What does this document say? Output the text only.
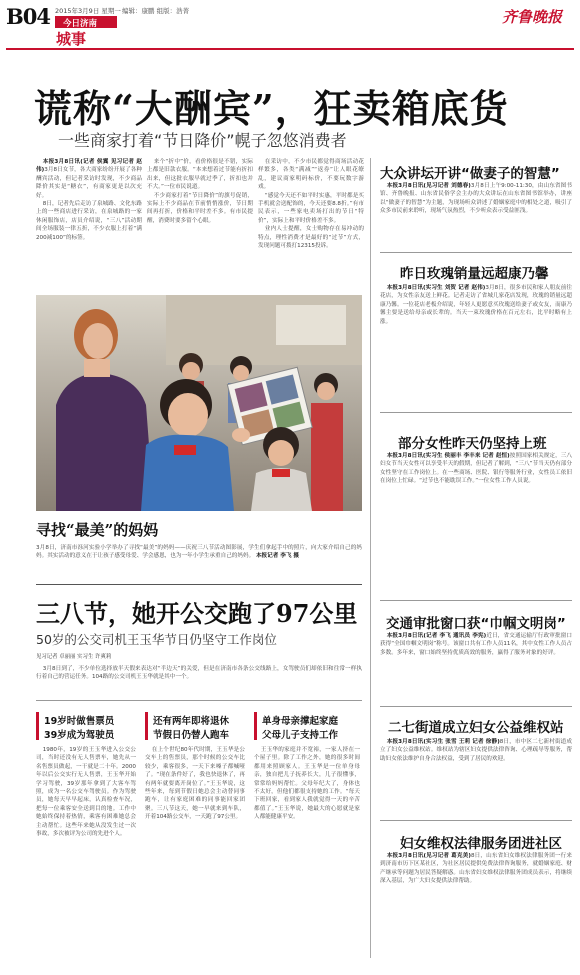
B04 2015年3月9日 星期一 编辑：康鹏 组版：浩菁
今日济南
城事
齐鲁晚报
谎称“大酬宾”，狂卖箱底货
一些商家打着“节日降价”幌子忽悠消费者

本报3月8日讯(记者 侯翼 见习记者 赵伟)3月8日女节，各大商家纷纷开展了各种酬宾活动，但记者采访时发现，不少商品降价其实是“糖衣”，有商家更是以次充好。

8日，记者先后走访了泉城路、文化东路上的一些商店进行采访，在泉城路的一家休闲服饰店，店员介绍说，“三八”活动期间全场服装一律五折，不少衣服上打着“满200减100”的标签。

来个“折中”价，看价格很是不错，实际上都是旧款衣服。“本来想着过节能有折扣出来，但这批衣服早就过季了，折扣也并不大。”一位市民说道。

不少商家打着“节日降价”的旗号促销，实际上不少商品在节前悄悄涨价，节日期间再打折，价格和平时差不多。有市民提醒，消费时要多留个心眼。

在采访中，不少市民都觉得商场活动花样繁多，各类“满减”“返券”让人眼花缭乱，建议商家明码标价，不要玩数字游戏。

“感觉今天还不如平时实惠，平时都是买手机就会送配饰的，今天还要8.8折。”有市民表示，一些家电卖场打出的节日“特价”，实际上和平时价格差不多。

业内人士提醒，女士购物存在易冲动的特点，理性消费才是最好的“过节”方式，发现问题可拨打12315投诉。

寻找“最美”的妈妈
3月8日，济南市泺河实验小学举办了寻找“最美”的妈妈——庆祝三八节活动图影展，学生们拿起手中的照片，向大家介绍自己的妈妈。其实活动的意义在于让孩子感受母爱、学会感恩，也为一年小学生承重自己的妈妈。 本报记者 李飞 摄
三八节，她开公交跑了97公里
50岁的公交司机王玉华节日仍坚守工作岗位
见习记者 卓丽丽 实习生 许爽莉

3月8日到了，不少单位选择放半天假来表达对“半边天”的关爱，但是在济南市各条公交线路上，女驾驶员们却依旧和往常一样执行着自己的营运任务。104路的公交司机王玉华就是其中一个。

19岁时做售票员
39岁成为驾驶员

1980年，19岁的王玉华进入公交公司，当时还没有无人售票车，她先从一名售票员做起，一干就是二十年。2000年以后公交实行无人售票，王玉华开始学习驾驶，39岁那年拿到了大客车驾照，成为一名公交车驾驶员。作为驾驶员，她每天早早起床，认真检查车况，把每一位乘客安全送到目的地。工作中她始终保持着热情，乘客有困难她总会主动帮忙。这些年来她从没发生过一次事故，多次被评为公司的先进个人。

还有两年即将退休
节假日仍替人跑车

在上个世纪80年代时期，王玉华是公交车上的售票员，那个时候的公交车比较少，乘客很多，一天下来嗓子都喊哑了。“现在条件好了，我也快退休了，再有两年就要离开岗位了。”王玉华说，这些年来，每到节假日她总会主动替同事跑车，让有家庭困难的同事能回家团聚。三八节这天，她一早就来到车队，开着104路公交车，一天跑了97公里。

单身母亲撑起家庭
父母儿子支持工作

王玉华的家庭并不宽裕，一家人挤在一个屋子里。除了工作之外，她的很多时间都用来照顾家人。王玉华是一位单身母亲，独自把儿子抚养长大，儿子很懂事，常常给妈妈帮忙。父母年纪大了，身体也不太好，但他们都很支持她的工作。“每天下班回家，看到家人我就觉得一天的辛苦都值了。”王玉华说，她最大的心愿就是家人都能健康平安。

大众讲坛开讲“做妻子的智慧”

本报3月8日讯(见习记者 刘德春)3月8日上午9:00-11:30，由山东省图书馆、齐鲁晚报、山东省民俗学会主办的大众讲坛在山东省图书馆举办，讲座以“做妻子的智慧”为主题，为现场听众讲述了婚姻家庭中的相处之道，吸引了众多市民前来聆听，现场气氛热烈，不少听众表示受益匪浅。

昨日玫瑰销量远超康乃馨

本报3月8日讯(实习生 刘贺 记者 赵伟)3月8日，很多市民和家人朋友前往花店，为女性亲友送上鲜花。记者走访了省城几家花店发现，玫瑰的销量远超康乃馨。一位花店老板介绍说，年轻人更愿意买玫瑰送给妻子或女友，而康乃馨主要是送给母亲或长辈的。当天一束玫瑰价格在百元左右，比平时略有上涨。

部分女性昨天仍坚持上班

本报3月8日讯(实习生 侯丽丰 李丰来 记者 赵恒)按照国家相关规定，三八妇女节当天女性可以享受半天的假期，但记者了解到，“三八”节当天仍有部分女性坚守在工作岗位上。在一些商场、医院、银行等服务行业，女性员工依旧在岗位上忙碌。“过节也不能耽误工作。”一位女性工作人员说。

交通审批窗口获“巾帼文明岗”

本报3月8日讯(记者 李飞 通讯员 李宪)近日，省交通运输厅行政审批窗口获得“全国巾帼文明岗”称号。该窗口共有工作人员11名，其中女性工作人员占多数。多年来，窗口始终坚持优质高效的服务，赢得了服务对象的好评。

二七街道成立妇女公益维权站

本报3月8日讯(实习生 张雪 王莉 记者 徐静)8日，市中区二七新村街道成立了妇女公益维权站。维权站为辖区妇女提供法律咨询、心理疏导等服务，帮助妇女依法维护自身合法权益，受到了居民的欢迎。

妇女维权法律服务团进社区

本报3月8日讯(见习记者 葛克美)8日，山东省妇女维权法律服务团一行来到济南市历下区某社区，为社区居民提供免费法律咨询服务，就婚姻家庭、财产继承等问题为居民答疑解惑。山东省妇女维权法律服务团成员表示，将继续深入基层，为广大妇女提供法律帮助。
